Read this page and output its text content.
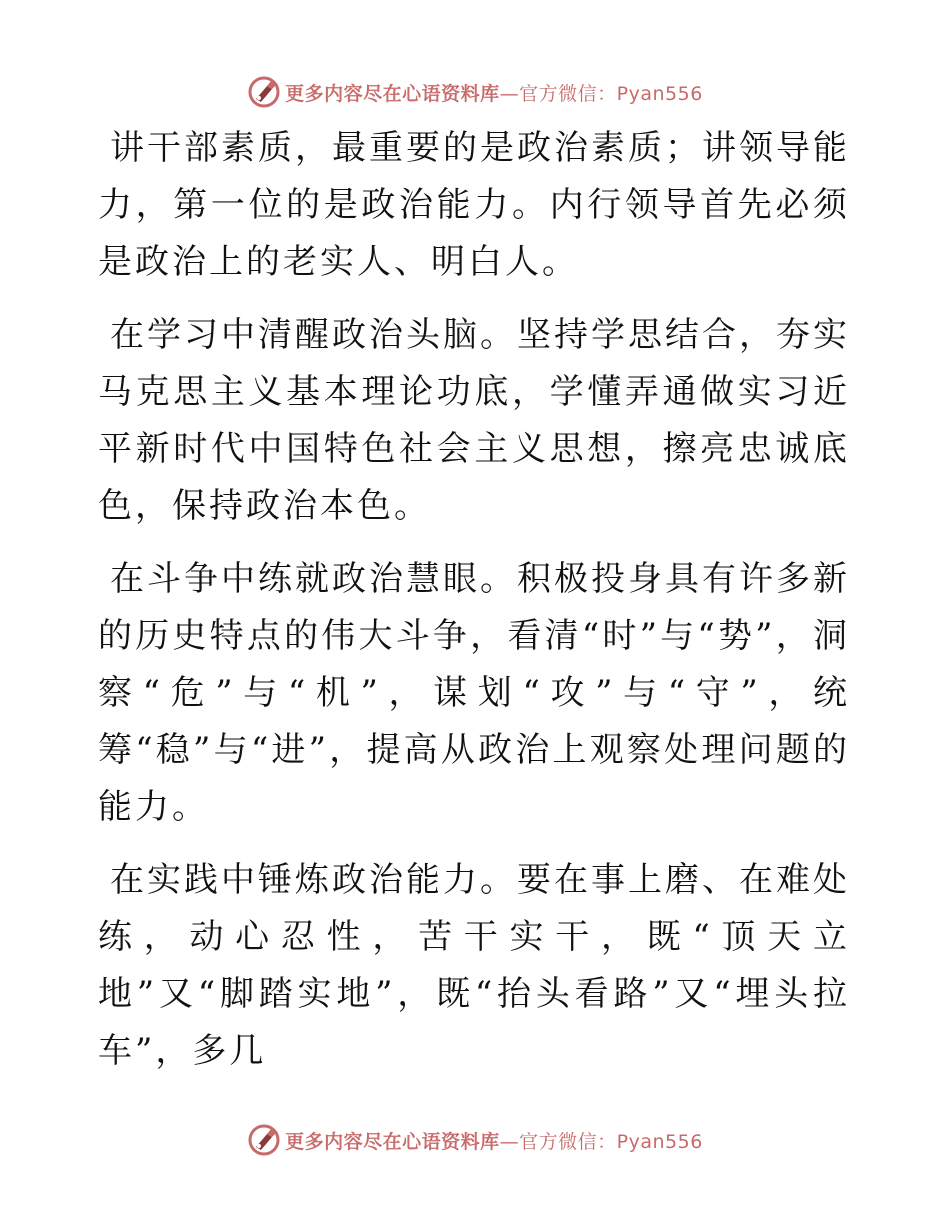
更多内容尽在心语资料库—官方微信：Pyan556

讲干部素质，最重要的是政治素质；讲领导能力，第一位的是政治能力。内行领导首先必须是政治上的老实人、明白人。

在学习中清醒政治头脑。坚持学思结合，夯实马克思主义基本理论功底，学懂弄通做实习近平新时代中国特色社会主义思想，擦亮忠诚底色，保持政治本色。

在斗争中练就政治慧眼。积极投身具有许多新的历史特点的伟大斗争，看清“时”与“势”，洞察“危”与“机”，谋划“攻”与“守”，统筹“稳”与“进”，提高从政治上观察处理问题的能力。

在实践中锤炼政治能力。要在事上磨、在难处练，动心忍性，苦干实干，既“顶天立地”又“脚踏实地”，既“抬头看路”又“埋头拉车”，多几

更多内容尽在心语资料库—官方微信：Pyan556
